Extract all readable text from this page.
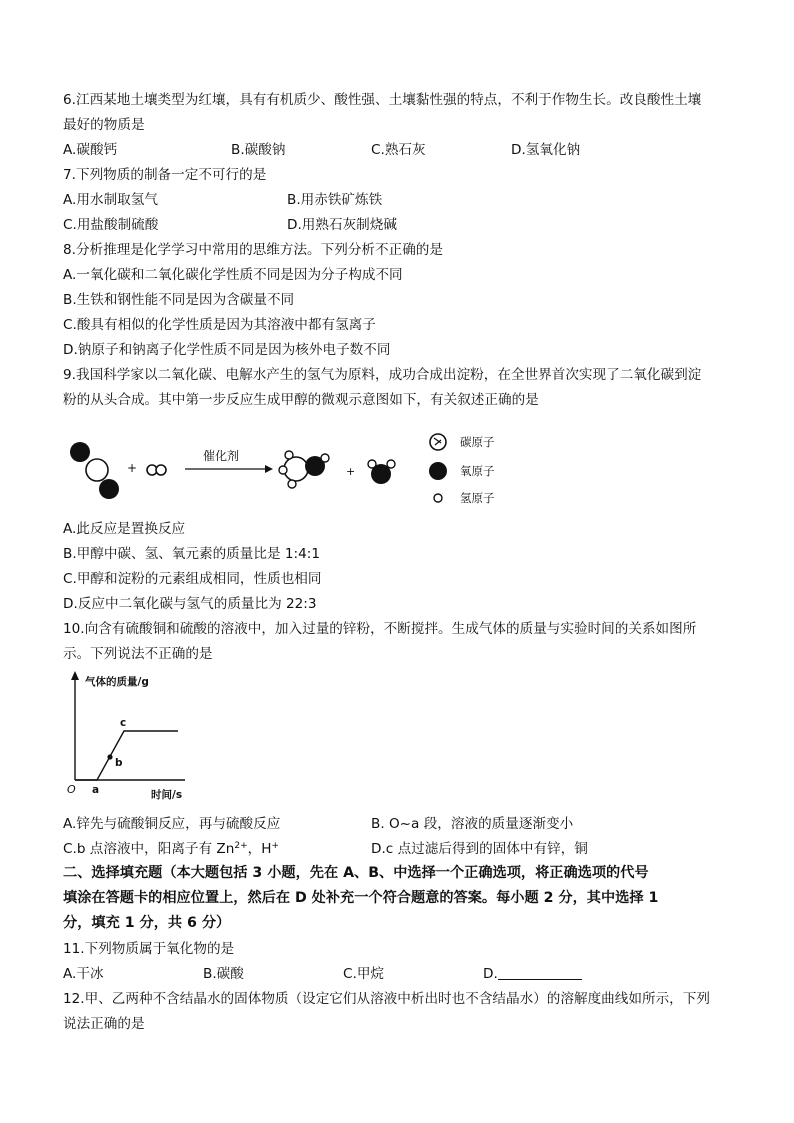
6.江西某地土壤类型为红壤，具有有机质少、酸性强、土壤黏性强的特点，不利于作物生长。改良酸性土壤
最好的物质是
A.碳酸钙	B.碳酸钠	C.熟石灰	D.氢氧化钠
7.下列物质的制备一定不可行的是
A.用水制取氢气	B.用赤铁矿炼铁
C.用盐酸制硫酸	D.用熟石灰制烧碱
8.分析推理是化学学习中常用的思维方法。下列分析不正确的是
A.一氧化碳和二氧化碳化学性质不同是因为分子构成不同
B.生铁和钢性能不同是因为含碳量不同
C.酸具有相似的化学性质是因为其溶液中都有氢离子
D.钠原子和钠离子化学性质不同是因为核外电子数不同
9.我国科学家以二氧化碳、电解水产生的氢气为原料，成功合成出淀粉，在全世界首次实现了二氧化碳到淀
粉的从头合成。其中第一步反应生成甲醇的微观示意图如下，有关叙述正确的是
+
催化剂
+
碳原子
氧原子
氢原子
A.此反应是置换反应
B.甲醇中碳、氢、氧元素的质量比是 1:4:1
C.甲醇和淀粉的元素组成相同，性质也相同
D.反应中二氧化碳与氢气的质量比为 22:3
10.向含有硫酸铜和硫酸的溶液中，加入过量的锌粉，不断搅拌。生成气体的质量与实验时间的关系如图所
示。下列说法不正确的是
气体的质量/g
时间/s
O a
b
c
A.锌先与硫酸铜反应，再与硫酸反应	B. O~a 段，溶液的质量逐渐变小
C.b 点溶液中，阳离子有 $Zn^{2+}$，H+	D.c 点过滤后得到的固体中有锌，铜
二、选择填充题（本大题包括 3 小题，先在 A、B、中选择一个正确选项，将正确选项的代号
填涂在答题卡的相应位置上，然后在 D 处补充一个符合题意的答案。每小题 2 分，其中选择 1
分，填充 1 分，共 6 分）
11.下列物质属于氧化物的是
A.干冰	B.碳酸	C.甲烷	D.
12.甲、乙两种不含结晶水的固体物质（设定它们从溶液中析出时也不含结晶水）的溶解度曲线如所示，下列
说法正确的是
